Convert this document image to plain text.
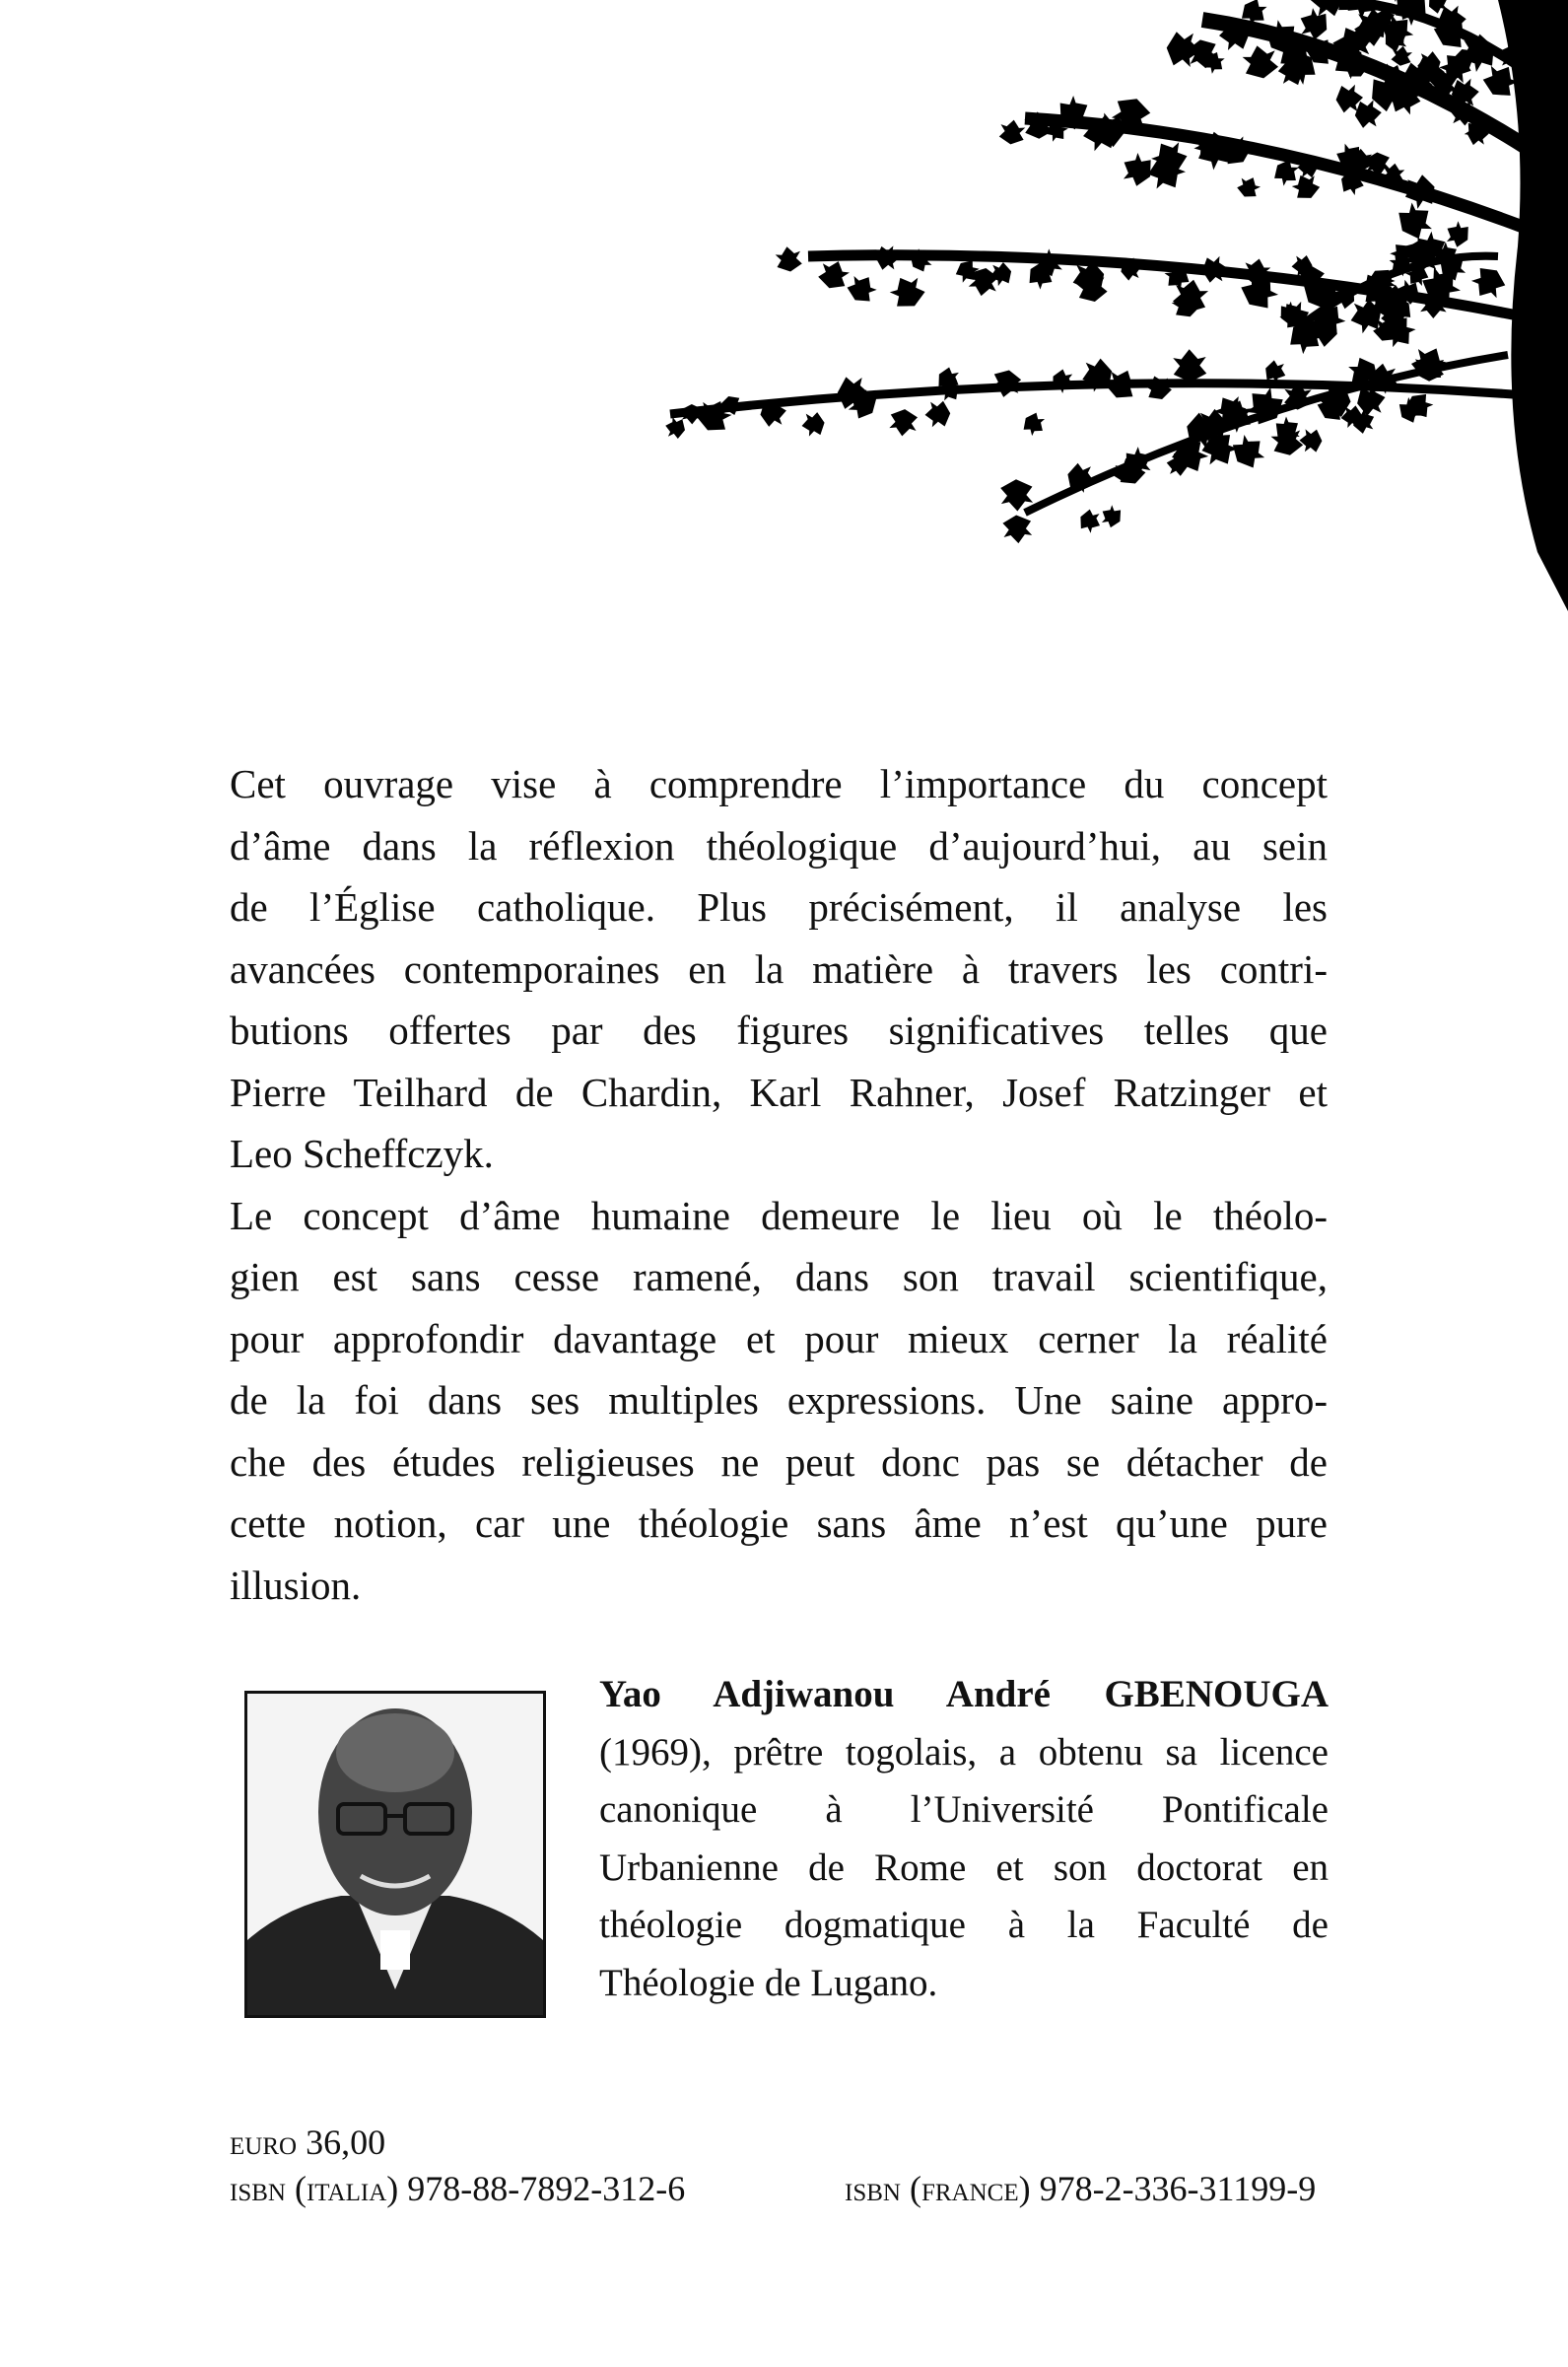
Cet ouvrage vise à comprendre l’importance du concept
d’âme dans la réflexion théologique d’aujourd’hui, au sein
de l’Église catholique. Plus précisément, il analyse les
avancées contemporaines en la matière à travers les contri-
butions offertes par des figures significatives telles que
Pierre Teilhard de Chardin, Karl Rahner, Josef Ratzinger et
Leo Scheffczyk.
Le concept d’âme humaine demeure le lieu où le théolo-
gien est sans cesse ramené, dans son travail scientifique,
pour approfondir davantage et pour mieux cerner la réalité
de la foi dans ses multiples expressions. Une saine appro-
che des études religieuses ne peut donc pas se détacher de
cette notion, car une théologie sans âme n’est qu’une pure
illusion.
Yao Adjiwanou André GBENOUGA
(1969), prêtre togolais, a obtenu sa licence
canonique à l’Université Pontificale
Urbanienne de Rome et son doctorat en
théologie dogmatique à la Faculté de
Théologie de Lugano.
euro 36,00
isbn (italia) 978-88-7892-312-6	isbn (france) 978-2-336-31199-9
